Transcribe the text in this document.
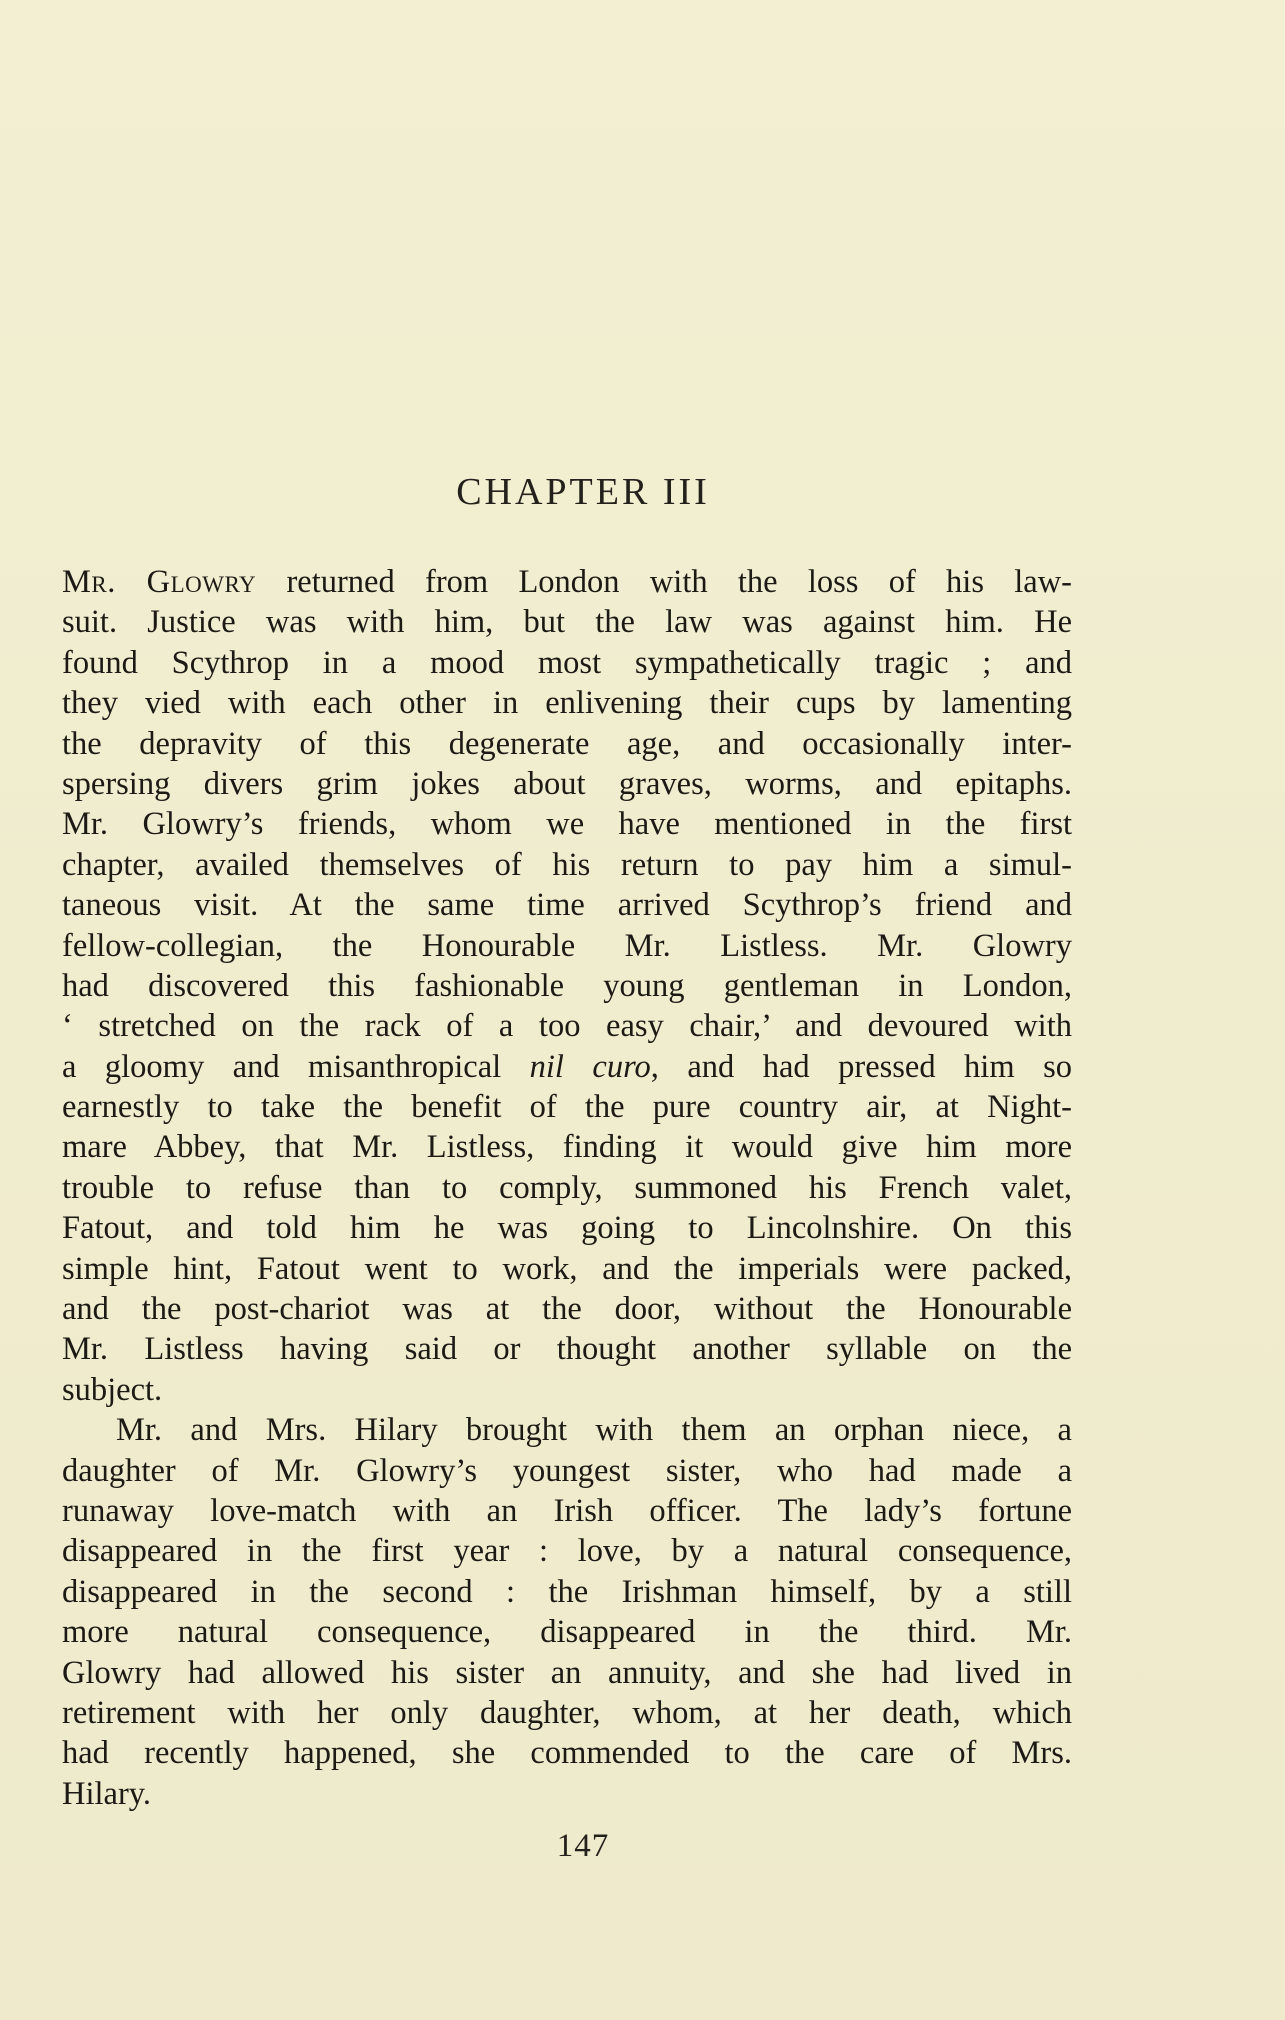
CHAPTER III
Mr. Glowry returned from London with the loss of his law-
suit. Justice was with him, but the law was against him. He
found Scythrop in a mood most sympathetically tragic ; and
they vied with each other in enlivening their cups by lamenting
the depravity of this degenerate age, and occasionally inter-
spersing divers grim jokes about graves, worms, and epitaphs.
Mr. Glowry’s friends, whom we have mentioned in the first
chapter, availed themselves of his return to pay him a simul-
taneous visit. At the same time arrived Scythrop’s friend and
fellow-collegian, the Honourable Mr. Listless. Mr. Glowry
had discovered this fashionable young gentleman in London,
‘ stretched on the rack of a too easy chair,’ and devoured with
a gloomy and misanthropical nil curo, and had pressed him so
earnestly to take the benefit of the pure country air, at Night-
mare Abbey, that Mr. Listless, finding it would give him more
trouble to refuse than to comply, summoned his French valet,
Fatout, and told him he was going to Lincolnshire. On this
simple hint, Fatout went to work, and the imperials were packed,
and the post-chariot was at the door, without the Honourable
Mr. Listless having said or thought another syllable on the
subject.
Mr. and Mrs. Hilary brought with them an orphan niece, a
daughter of Mr. Glowry’s youngest sister, who had made a
runaway love-match with an Irish officer. The lady’s fortune
disappeared in the first year : love, by a natural consequence,
disappeared in the second : the Irishman himself, by a still
more natural consequence, disappeared in the third. Mr.
Glowry had allowed his sister an annuity, and she had lived in
retirement with her only daughter, whom, at her death, which
had recently happened, she commended to the care of Mrs.
Hilary.
147
